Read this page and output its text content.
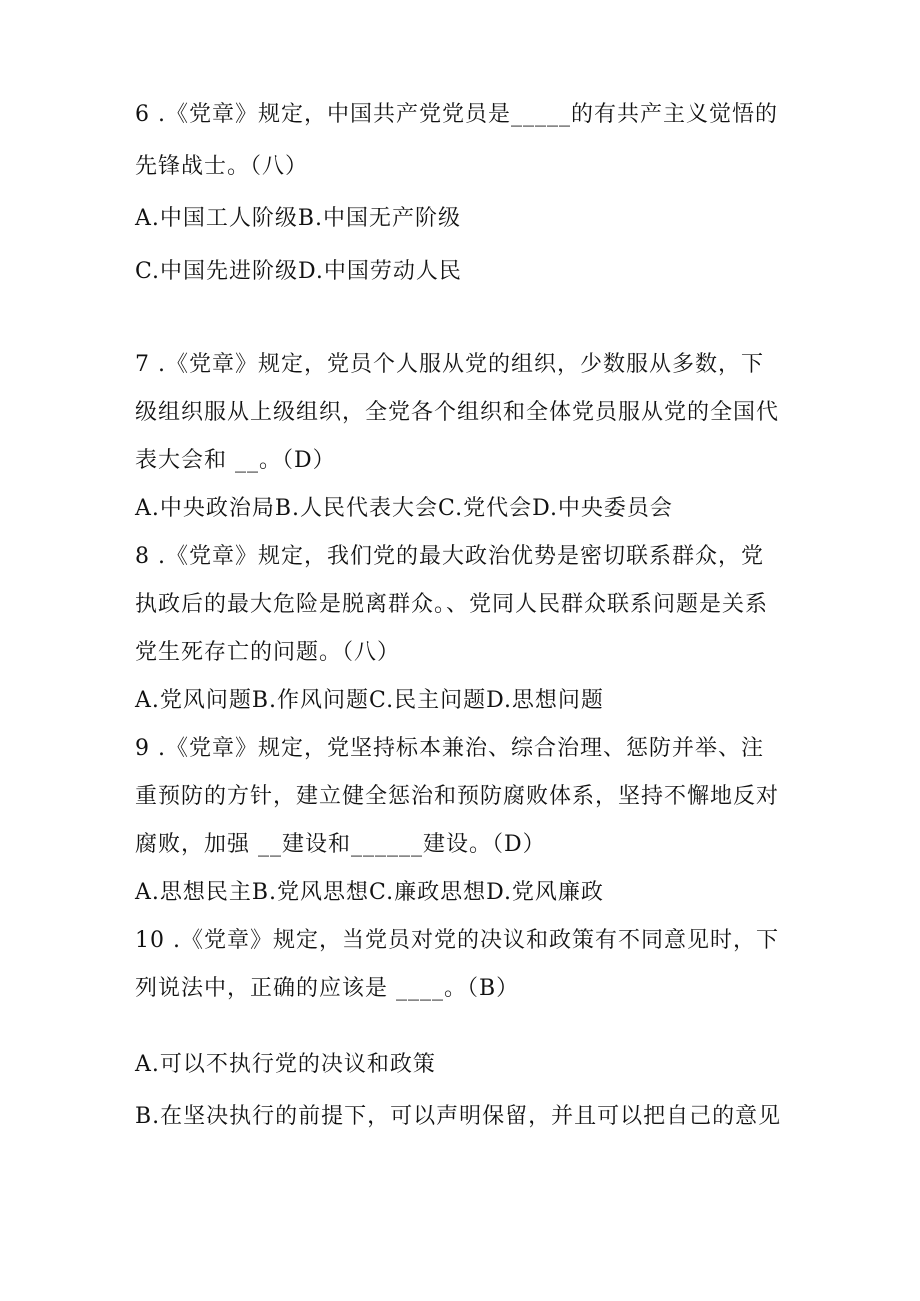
6 .《党章》规定，中国共产党党员是_____的有共产主义觉悟的
先锋战士。（八）
A.中国工人阶级B.中国无产阶级
C.中国先进阶级D.中国劳动人民
7 .《党章》规定，党员个人服从党的组织，少数服从多数，下
级组织服从上级组织，全党各个组织和全体党员服从党的全国代
表大会和 __。（D）
A.中央政治局B.人民代表大会C.党代会D.中央委员会
8 .《党章》规定，我们党的最大政治优势是密切联系群众，党
执政后的最大危险是脱离群众。、党同人民群众联系问题是关系
党生死存亡的问题。（八）
A.党风问题B.作风问题C.民主问题D.思想问题
9 .《党章》规定，党坚持标本兼治、综合治理、惩防并举、注
重预防的方针，建立健全惩治和预防腐败体系，坚持不懈地反对
腐败，加强 __建设和______建设。（D）
A.思想民主B.党风思想C.廉政思想D.党风廉政
10 .《党章》规定，当党员对党的决议和政策有不同意见时，下
列说法中，正确的应该是 ____。（B）
A.可以不执行党的决议和政策
B.在坚决执行的前提下，可以声明保留，并且可以把自己的意见
